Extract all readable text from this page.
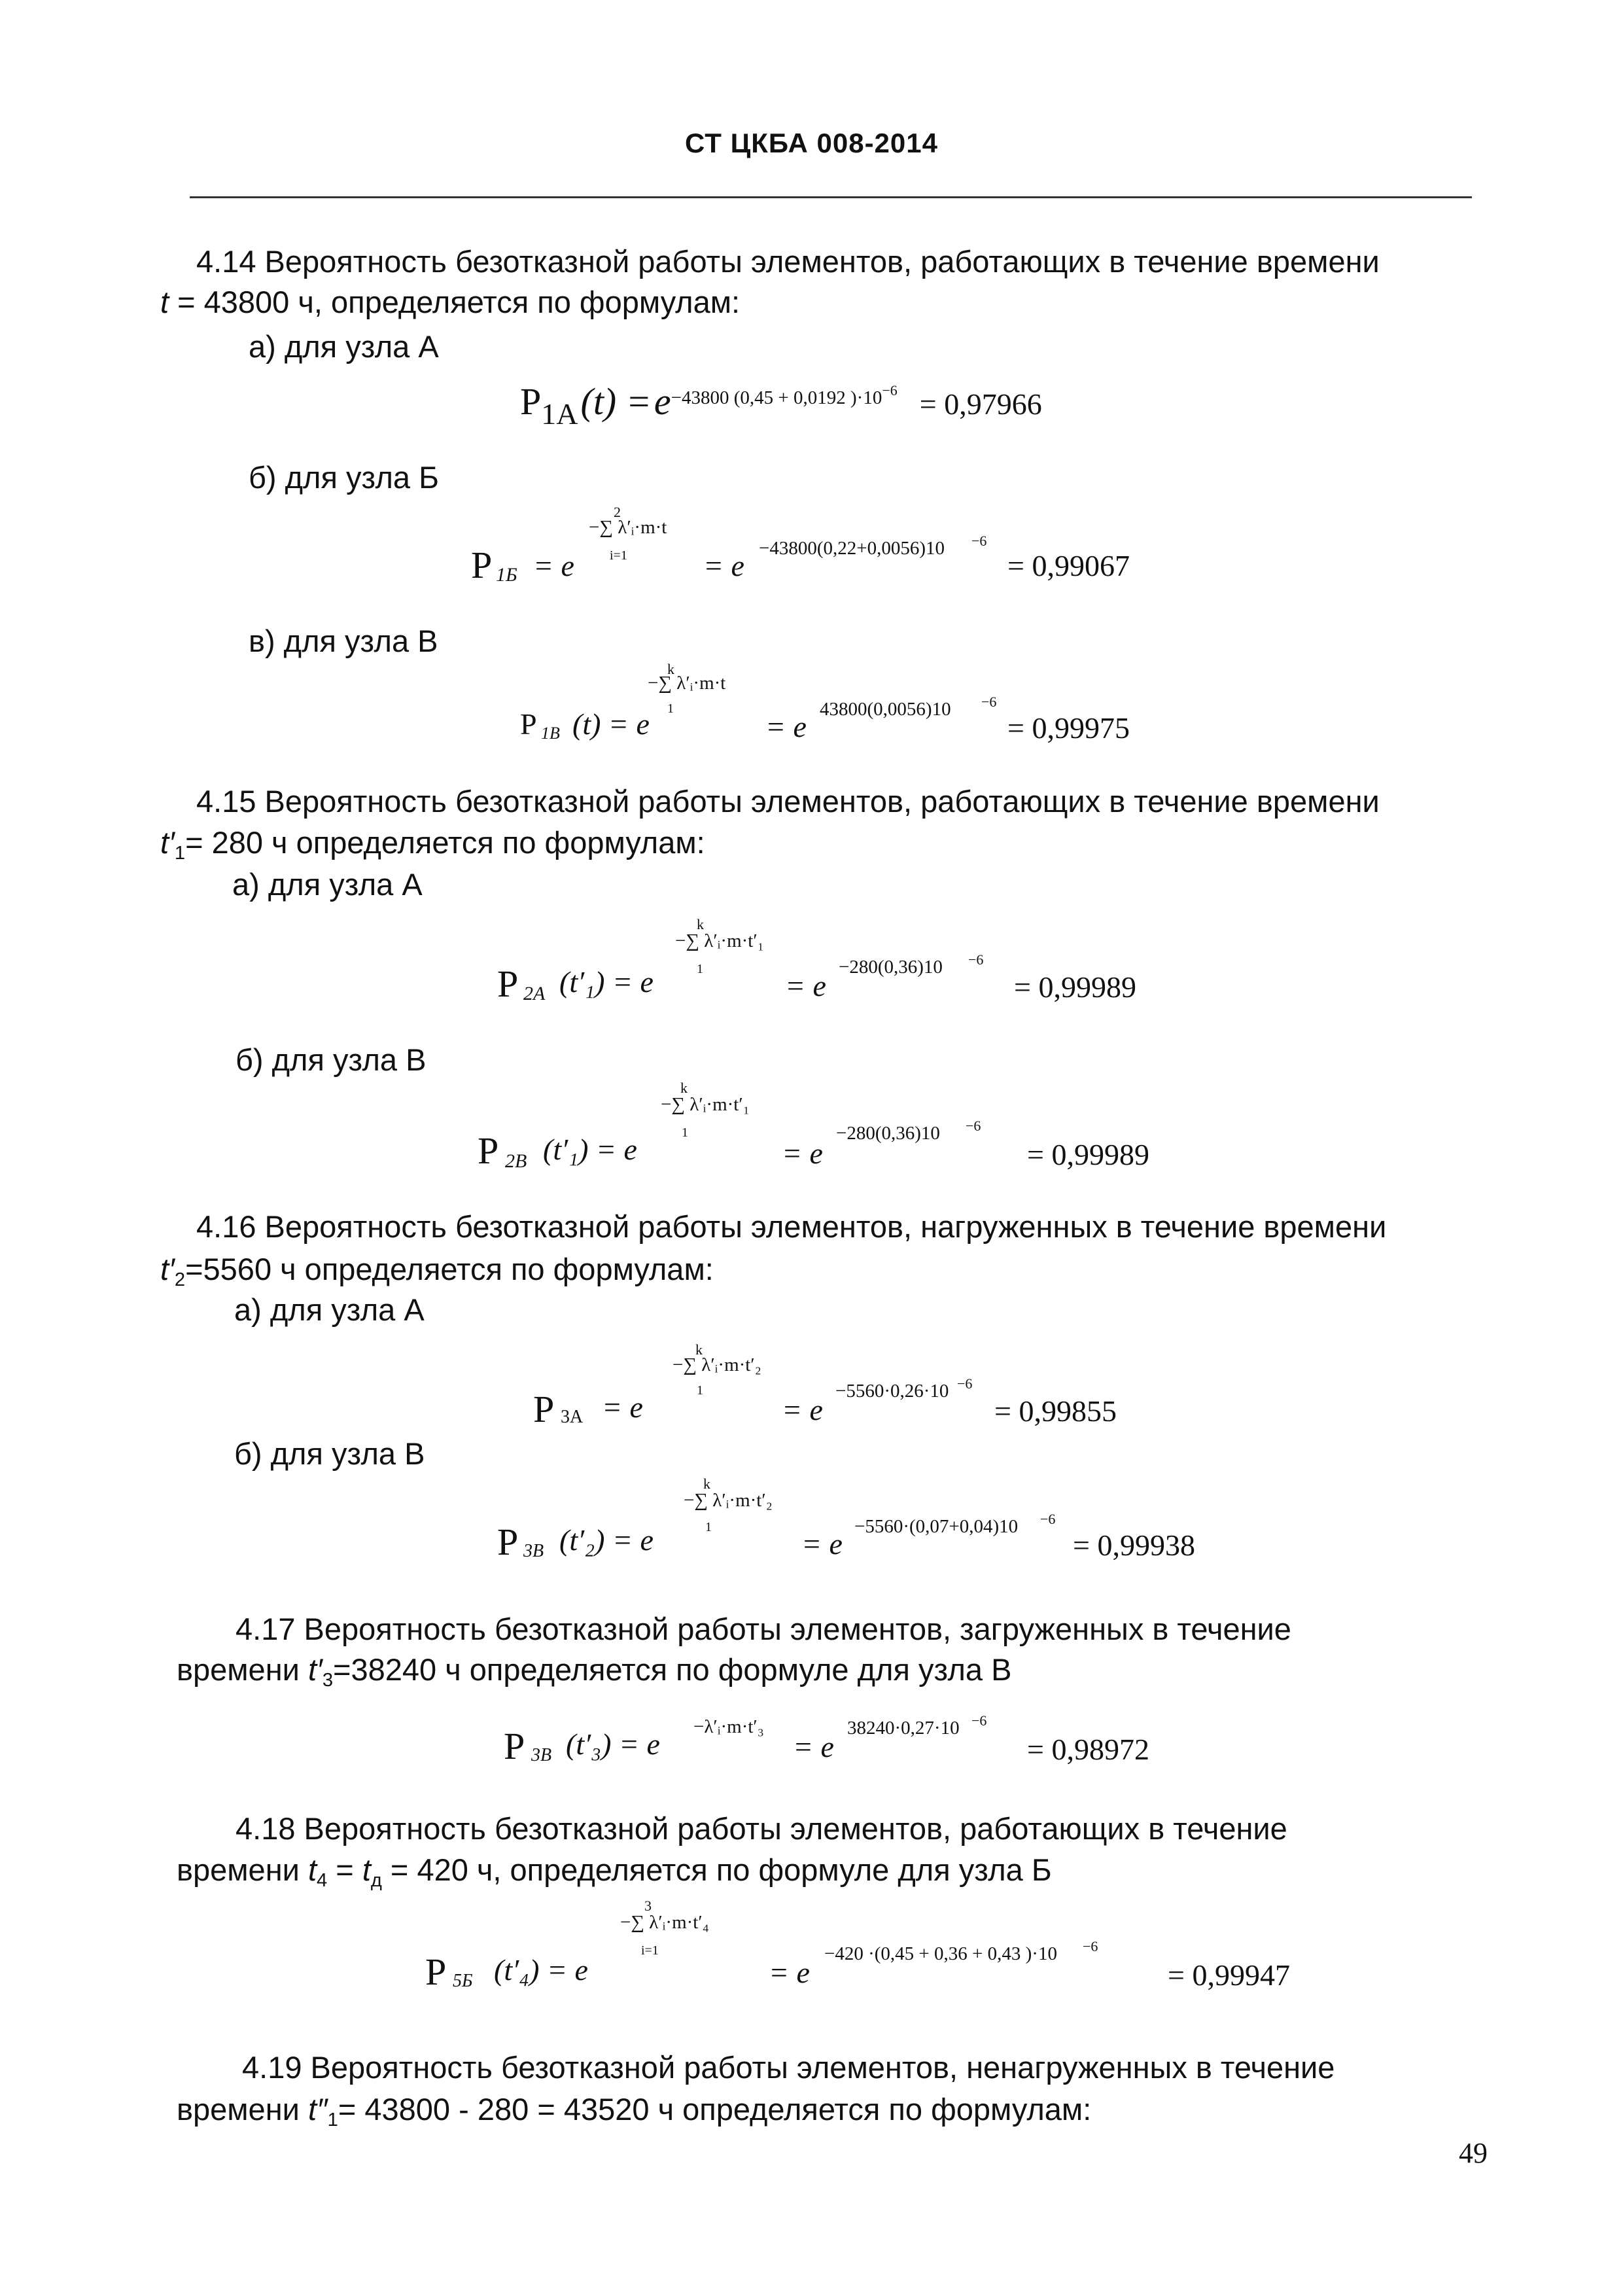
СТ ЦКБА 008-2014
4.14 Вероятность безотказной работы элементов, работающих в течение времени
t = 43800 ч, определяется по формулам:
а) для узла А
P1А (t) = e−43800 (0,45 + 0,0192 )·10−6 = 0,97966
б) для узла Б
P 1Б = e
2
−∑ λ′ᵢ·m·t
i=1	= e
−43800(0,22+0,0056)10 −6
= 0,99067
в) для узла В
P 1В (t) = e
k
−∑ λ′ᵢ·m·t
1
= e
43800(0,0056)10 −6
= 0,99975
4.15 Вероятность безотказной работы элементов, работающих в течение времени
t′1= 280 ч определяется по формулам:
а) для узла А
P 2А (t′₁) = e
k
−∑ λ′ᵢ·m·t′₁
1	= e
−280(0,36)10 −6
= 0,99989
б) для узла В
P 2В (t′₁) = e
k
−∑ λ′ᵢ·m·t′₁
1
= e
−280(0,36)10 −6
= 0,99989
4.16 Вероятность безотказной работы элементов, нагруженных в течение времени
t′2=5560 ч определяется по формулам:
а) для узла А
P 3А = e
k
−∑ λ′ᵢ·m·t′₂
1
= e
−5560·0,26·10 −6
= 0,99855
б) для узла В
P 3В (t′₂) = e
k
−∑ λ′ᵢ·m·t′₂
1	= e
−5560·(0,07+0,04)10 −6
= 0,99938
4.17 Вероятность безотказной работы элементов, загруженных в течение
времени t′3=38240 ч определяется по формуле для узла В
P 3В (t′₃) = e
−λ′ᵢ·m·t′₃
= e
38240·0,27·10 −6
= 0,98972
4.18 Вероятность безотказной работы элементов, работающих в течение
времени t4 = tд = 420 ч, определяется по формуле для узла Б
P 5Б (t′₄) = e
3
−∑ λ′ᵢ·m·t′₄
i=1
= e
−420 ·(0,45 + 0,36 + 0,43 )·10 −6
= 0,99947
4.19 Вероятность безотказной работы элементов, ненагруженных в течение
времени t″1= 43800 - 280 = 43520 ч определяется по формулам:
49
